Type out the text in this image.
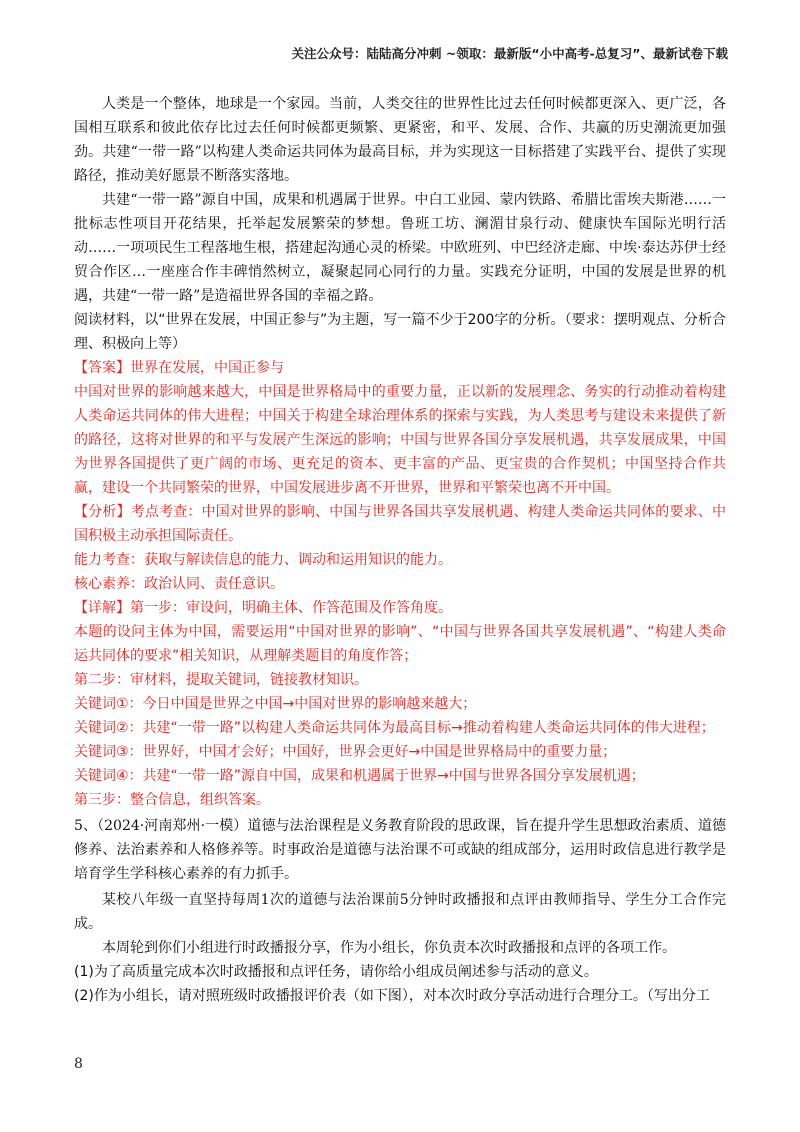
关注公众号：陆陆高分冲刺 ~领取：最新版“小中高考-总复习”、最新试卷下载

人类是一个整体，地球是一个家园。当前，人类交往的世界性比过去任何时候都更深入、更广泛，各国相互联系和彼此依存比过去任何时候都更频繁、更紧密，和平、发展、合作、共赢的历史潮流更加强劲。共建“一带一路”以构建人类命运共同体为最高目标，并为实现这一目标搭建了实践平台、提供了实现路径，推动美好愿景不断落实落地。

共建“一带一路”源自中国，成果和机遇属于世界。中白工业园、蒙内铁路、希腊比雷埃夫斯港……一批标志性项目开花结果，托举起发展繁荣的梦想。鲁班工坊、澜湄甘泉行动、健康快车国际光明行活动……一项项民生工程落地生根，搭建起沟通心灵的桥梁。中欧班列、中巴经济走廊、中埃·泰达苏伊士经贸合作区…一座座合作丰碑悄然树立，凝聚起同心同行的力量。实践充分证明，中国的发展是世界的机遇，共建“一带一路”是造福世界各国的幸福之路。

阅读材料，以“世界在发展，中国正参与”为主题，写一篇不少于200字的分析。（要求：摆明观点、分析合理、积极向上等）

【答案】世界在发展，中国正参与

中国对世界的影响越来越大，中国是世界格局中的重要力量，正以新的发展理念、务实的行动推动着构建人类命运共同体的伟大进程；中国关于构建全球治理体系的探索与实践，为人类思考与建设未来提供了新的路径，这将对世界的和平与发展产生深远的影响；中国与世界各国分享发展机遇，共享发展成果，中国为世界各国提供了更广阔的市场、更充足的资本、更丰富的产品、更宝贵的合作契机；中国坚持合作共赢，建设一个共同繁荣的世界，中国发展进步离不开世界，世界和平繁荣也离不开中国。

【分析】考点考查：中国对世界的影响、中国与世界各国共享发展机遇、构建人类命运共同体的要求、中国积极主动承担国际责任。

能力考查：获取与解读信息的能力、调动和运用知识的能力。

核心素养：政治认同、责任意识。

【详解】第一步：审设问，明确主体、作答范围及作答角度。

本题的设问主体为中国，需要运用“中国对世界的影响”、“中国与世界各国共享发展机遇”、“构建人类命运共同体的要求”相关知识，从理解类题目的角度作答；

第二步：审材料，提取关键词，链接教材知识。

关键词①：今日中国是世界之中国→中国对世界的影响越来越大；

关键词②：共建“一带一路”以构建人类命运共同体为最高目标→推动着构建人类命运共同体的伟大进程；

关键词③：世界好，中国才会好；中国好，世界会更好→中国是世界格局中的重要力量；

关键词④：共建“一带一路”源自中国，成果和机遇属于世界→中国与世界各国分享发展机遇；

第三步：整合信息，组织答案。

5、（2024·河南郑州·一模）道德与法治课程是义务教育阶段的思政课，旨在提升学生思想政治素质、道德修养、法治素养和人格修养等。时事政治是道德与法治课不可或缺的组成部分，运用时政信息进行教学是培育学生学科核心素养的有力抓手。

某校八年级一直坚持每周1次的道德与法治课前5分钟时政播报和点评由教师指导、学生分工合作完成。

本周轮到你们小组进行时政播报分享，作为小组长，你负责本次时政播报和点评的各项工作。

(1)为了高质量完成本次时政播报和点评任务，请你给小组成员阐述参与活动的意义。

(2)作为小组长，请对照班级时政播报评价表（如下图），对本次时政分享活动进行合理分工。（写出分工

8
